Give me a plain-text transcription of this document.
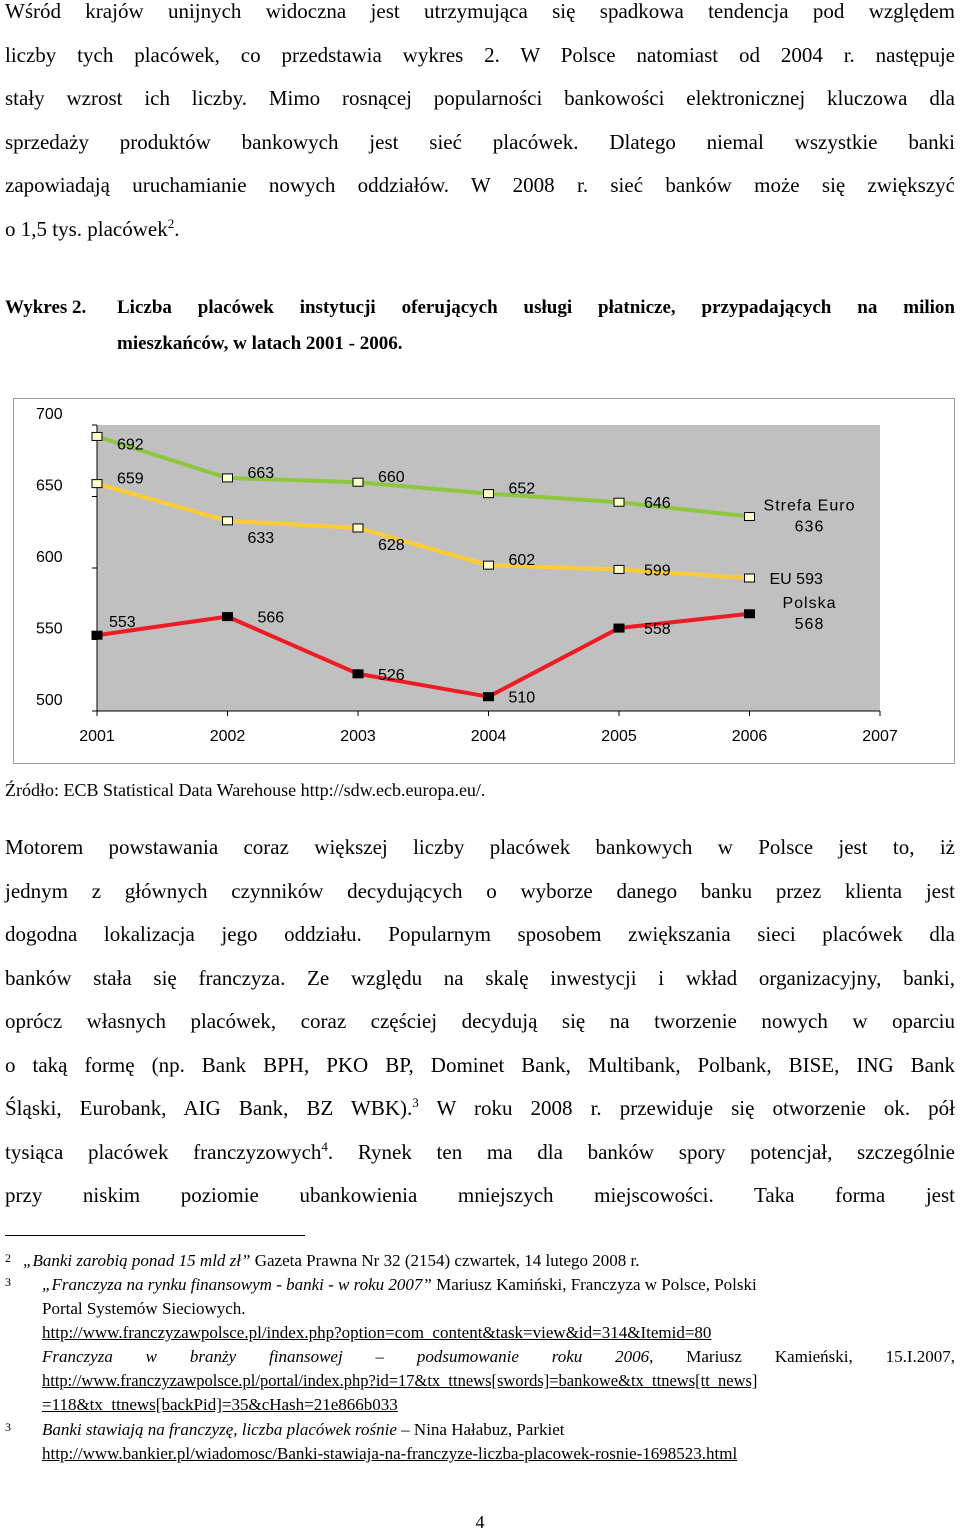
Wśród krajów unijnych widoczna jest utrzymująca się spadkowa tendencja pod względem
liczby tych placówek, co przedstawia wykres 2. W Polsce natomiast od 2004 r. następuje
stały wzrost ich liczby. Mimo rosnącej popularności bankowości elektronicznej kluczowa dla
sprzedaży produktów bankowych jest sieć placówek. Dlatego niemal wszystkie banki
zapowiadają uruchamianie nowych oddziałów. W 2008 r. sieć banków może się zwiększyć
o 1,5 tys. placówek$^2$.
Wykres 2. Liczba placówek instytucji oferujących usługi płatnicze, przypadających na milion
mieszkańców, w latach 2001 - 2006.
700
650
600
550
500
2001	2002	2003	2004	2005	2006	2007
692
663	660
652
646	Strefa Euro
636
659
633	628
602
599
EU 593
553	566
526
510
558
Polska
568
Źródło: ECB Statistical Data Warehouse http://sdw.ecb.europa.eu/.
Motorem powstawania coraz większej liczby placówek bankowych w Polsce jest to, iż
jednym z głównych czynników decydujących o wyborze danego banku przez klienta jest
dogodna lokalizacja jego oddziału. Popularnym sposobem zwiększania sieci placówek dla
banków stała się franczyza. Ze względu na skalę inwestycji i wkład organizacyjny, banki,
oprócz własnych placówek, coraz częściej decydują się na tworzenie nowych w oparciu
o taką formę (np. Bank BPH, PKO BP, Dominet Bank, Multibank, Polbank, BISE, ING Bank
Śląski, Eurobank, AIG Bank, BZ WBK).$^3$ W roku 2008 r. przewiduje się otworzenie ok. pół
tysiąca placówek franczyzowych$^4$. Rynek ten ma dla banków spory potencjał, szczególnie
przy niskim poziomie ubankowienia mniejszych miejscowości. Taka forma jest
2 „Banki zarobią ponad 15 mld zł” Gazeta Prawna Nr 32 (2154) czwartek, 14 lutego 2008 r.
3 „Franczyza na rynku finansowym - banki - w roku 2007” Mariusz Kamiński, Franczyza w Polsce, Polski
Portal Systemów Sieciowych.
http://www.franczyzawpolsce.pl/index.php?option=com_content&task=view&id=314&Itemid=80
Franczyza w branży finansowej – podsumowanie roku 2006, Mariusz Kamieński, 15.I.2007,
http://www.franczyzawpolsce.pl/portal/index.php?id=17&tx_ttnews[swords]=bankowe&tx_ttnews[tt_news]
=118&tx_ttnews[backPid]=35&cHash=21e866b033
3 Banki stawiają na franczyzę, liczba placówek rośnie – Nina Hałabuz, Parkiet
http://www.bankier.pl/wiadomosc/Banki-stawiaja-na-franczyze-liczba-placowek-rosnie-1698523.html
4
